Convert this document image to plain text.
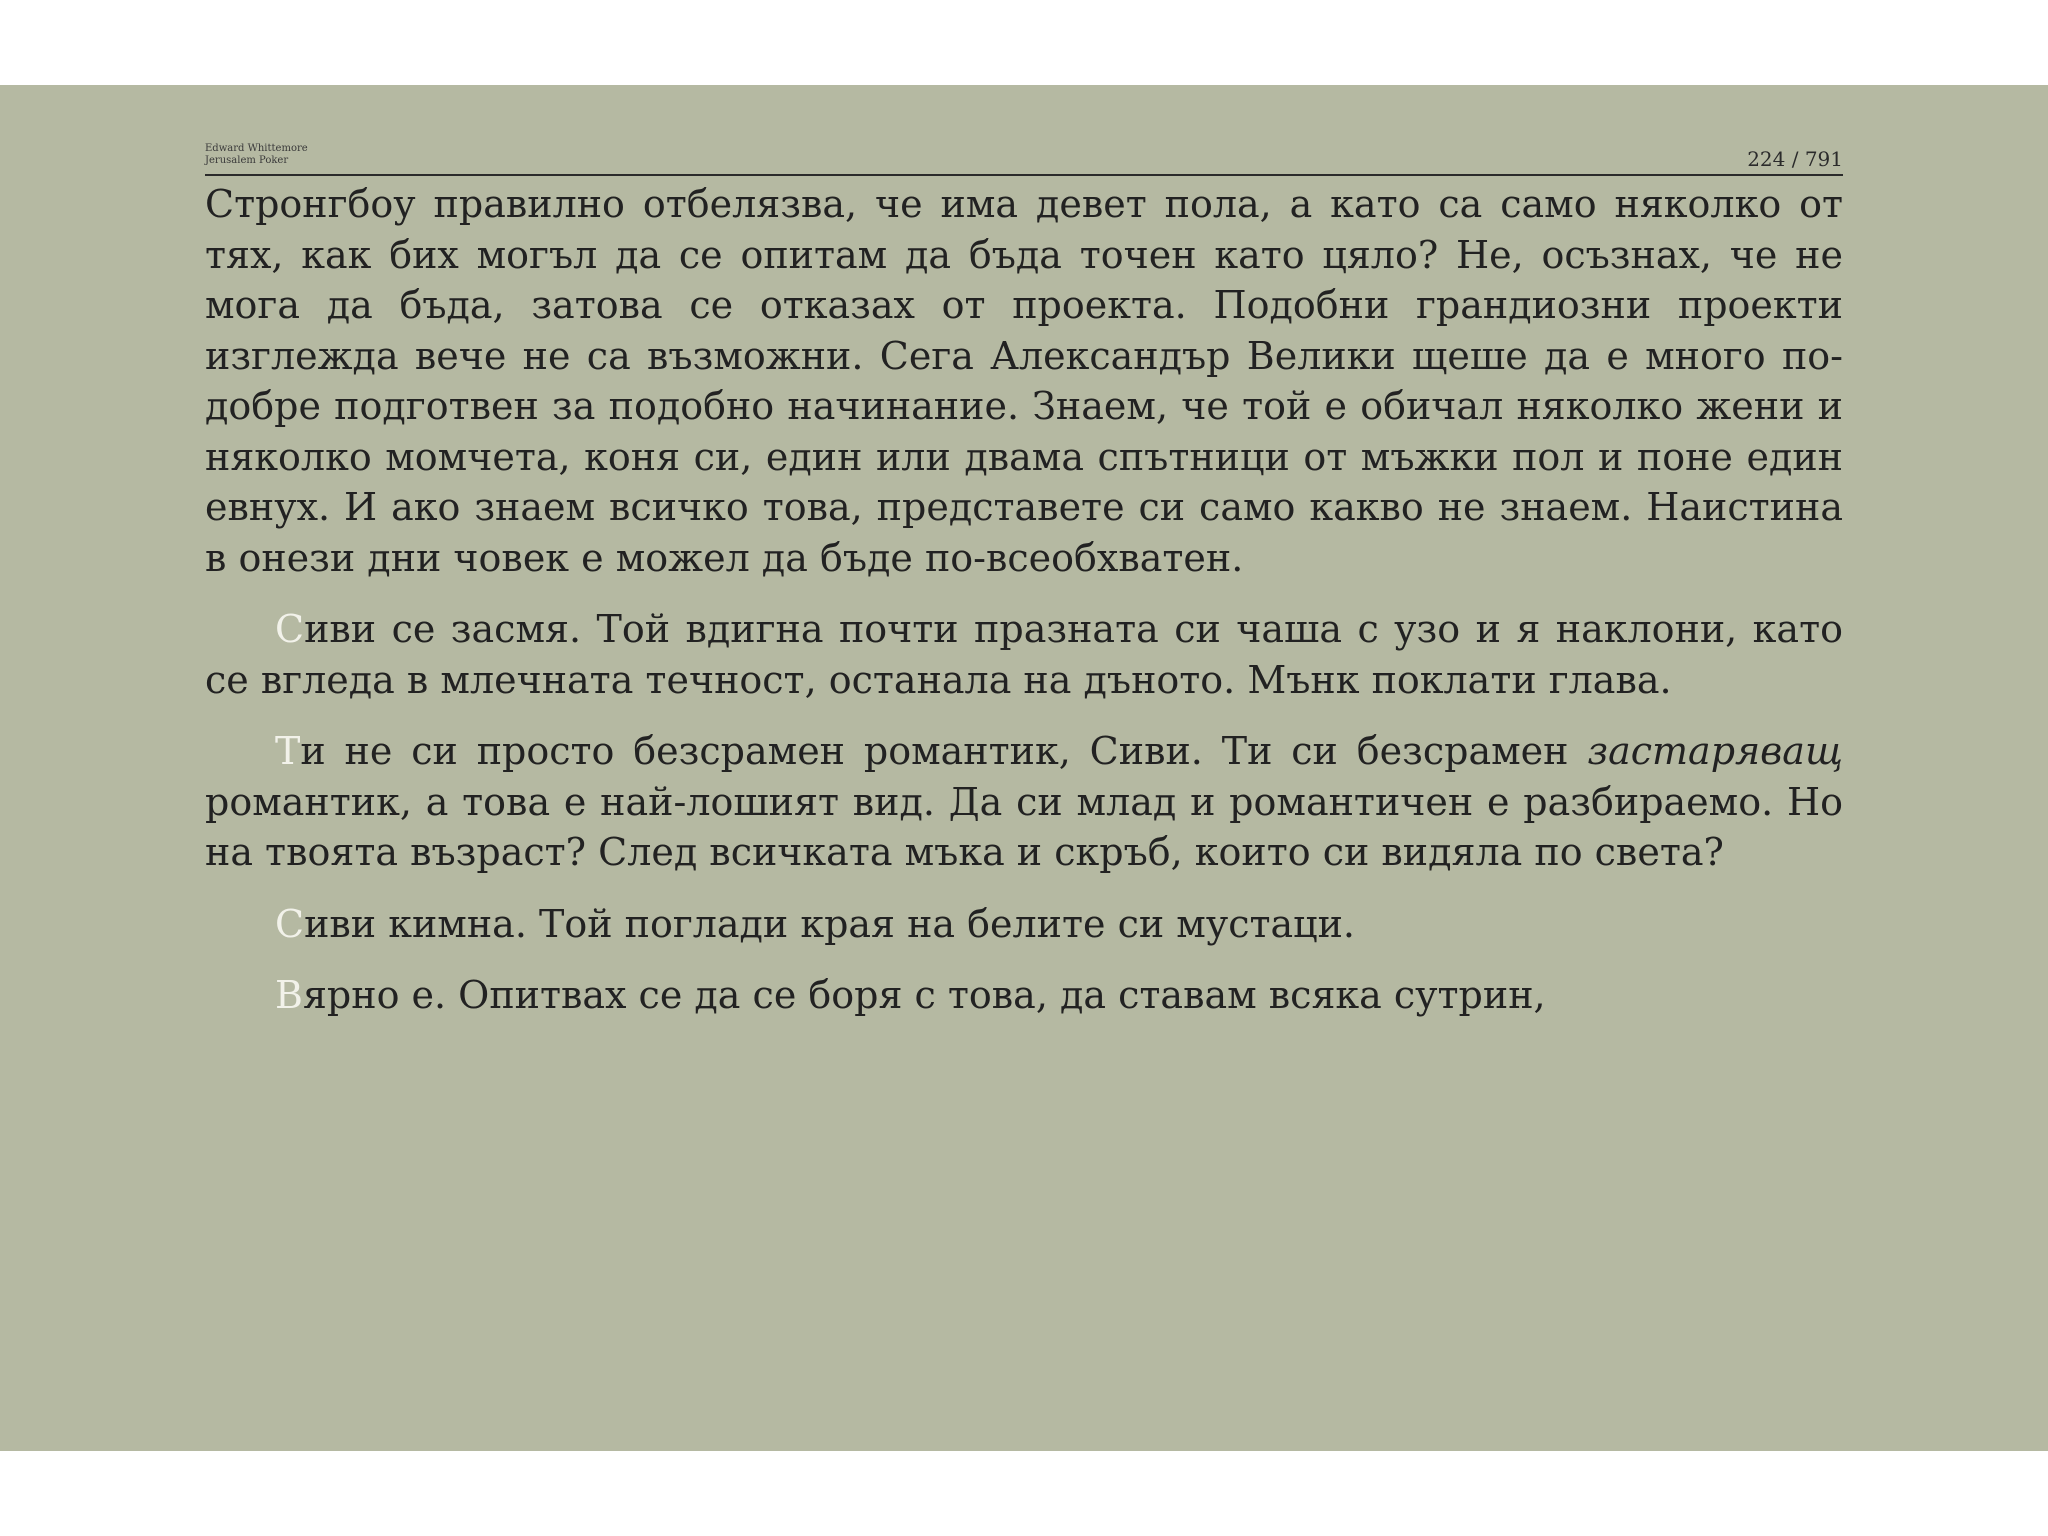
Edward Whittemore
Jerusalem Poker	224 / 791

Стронгбоу правилно отбелязва, че има девет пола, а като са само няколко от тях, как бих могъл да се опитам да бъда точен като цяло? Не, осъзнах, че не мога да бъда, затова се отказах от проекта. Подобни грандиозни проекти изглежда вече не са възможни. Сега Александър Велики щеше да е много по-добре подготвен за подобно начинание. Знаем, че той е обичал няколко жени и няколко момчета, коня си, един или двама спътници от мъжки пол и поне един евнух. И ако знаем всичко това, представете си само какво не знаем. Наистина в онези дни човек е можел да бъде по-всеобхватен.

Сиви се засмя. Той вдигна почти празната си чаша с узо и я наклони, като се вгледа в млечната течност, останала на дъното. Мънк поклати глава.

Ти не си просто безсрамен романтик, Сиви. Ти си безсрамен застаряващ романтик, а това е най-лошият вид. Да си млад и романтичен е разбираемо. Но на твоята възраст? След всичката мъка и скръб, които си видяла по света?

Сиви кимна. Той поглади края на белите си мустаци.

Вярно е. Опитвах се да се боря с това, да ставам всяка сутрин,
